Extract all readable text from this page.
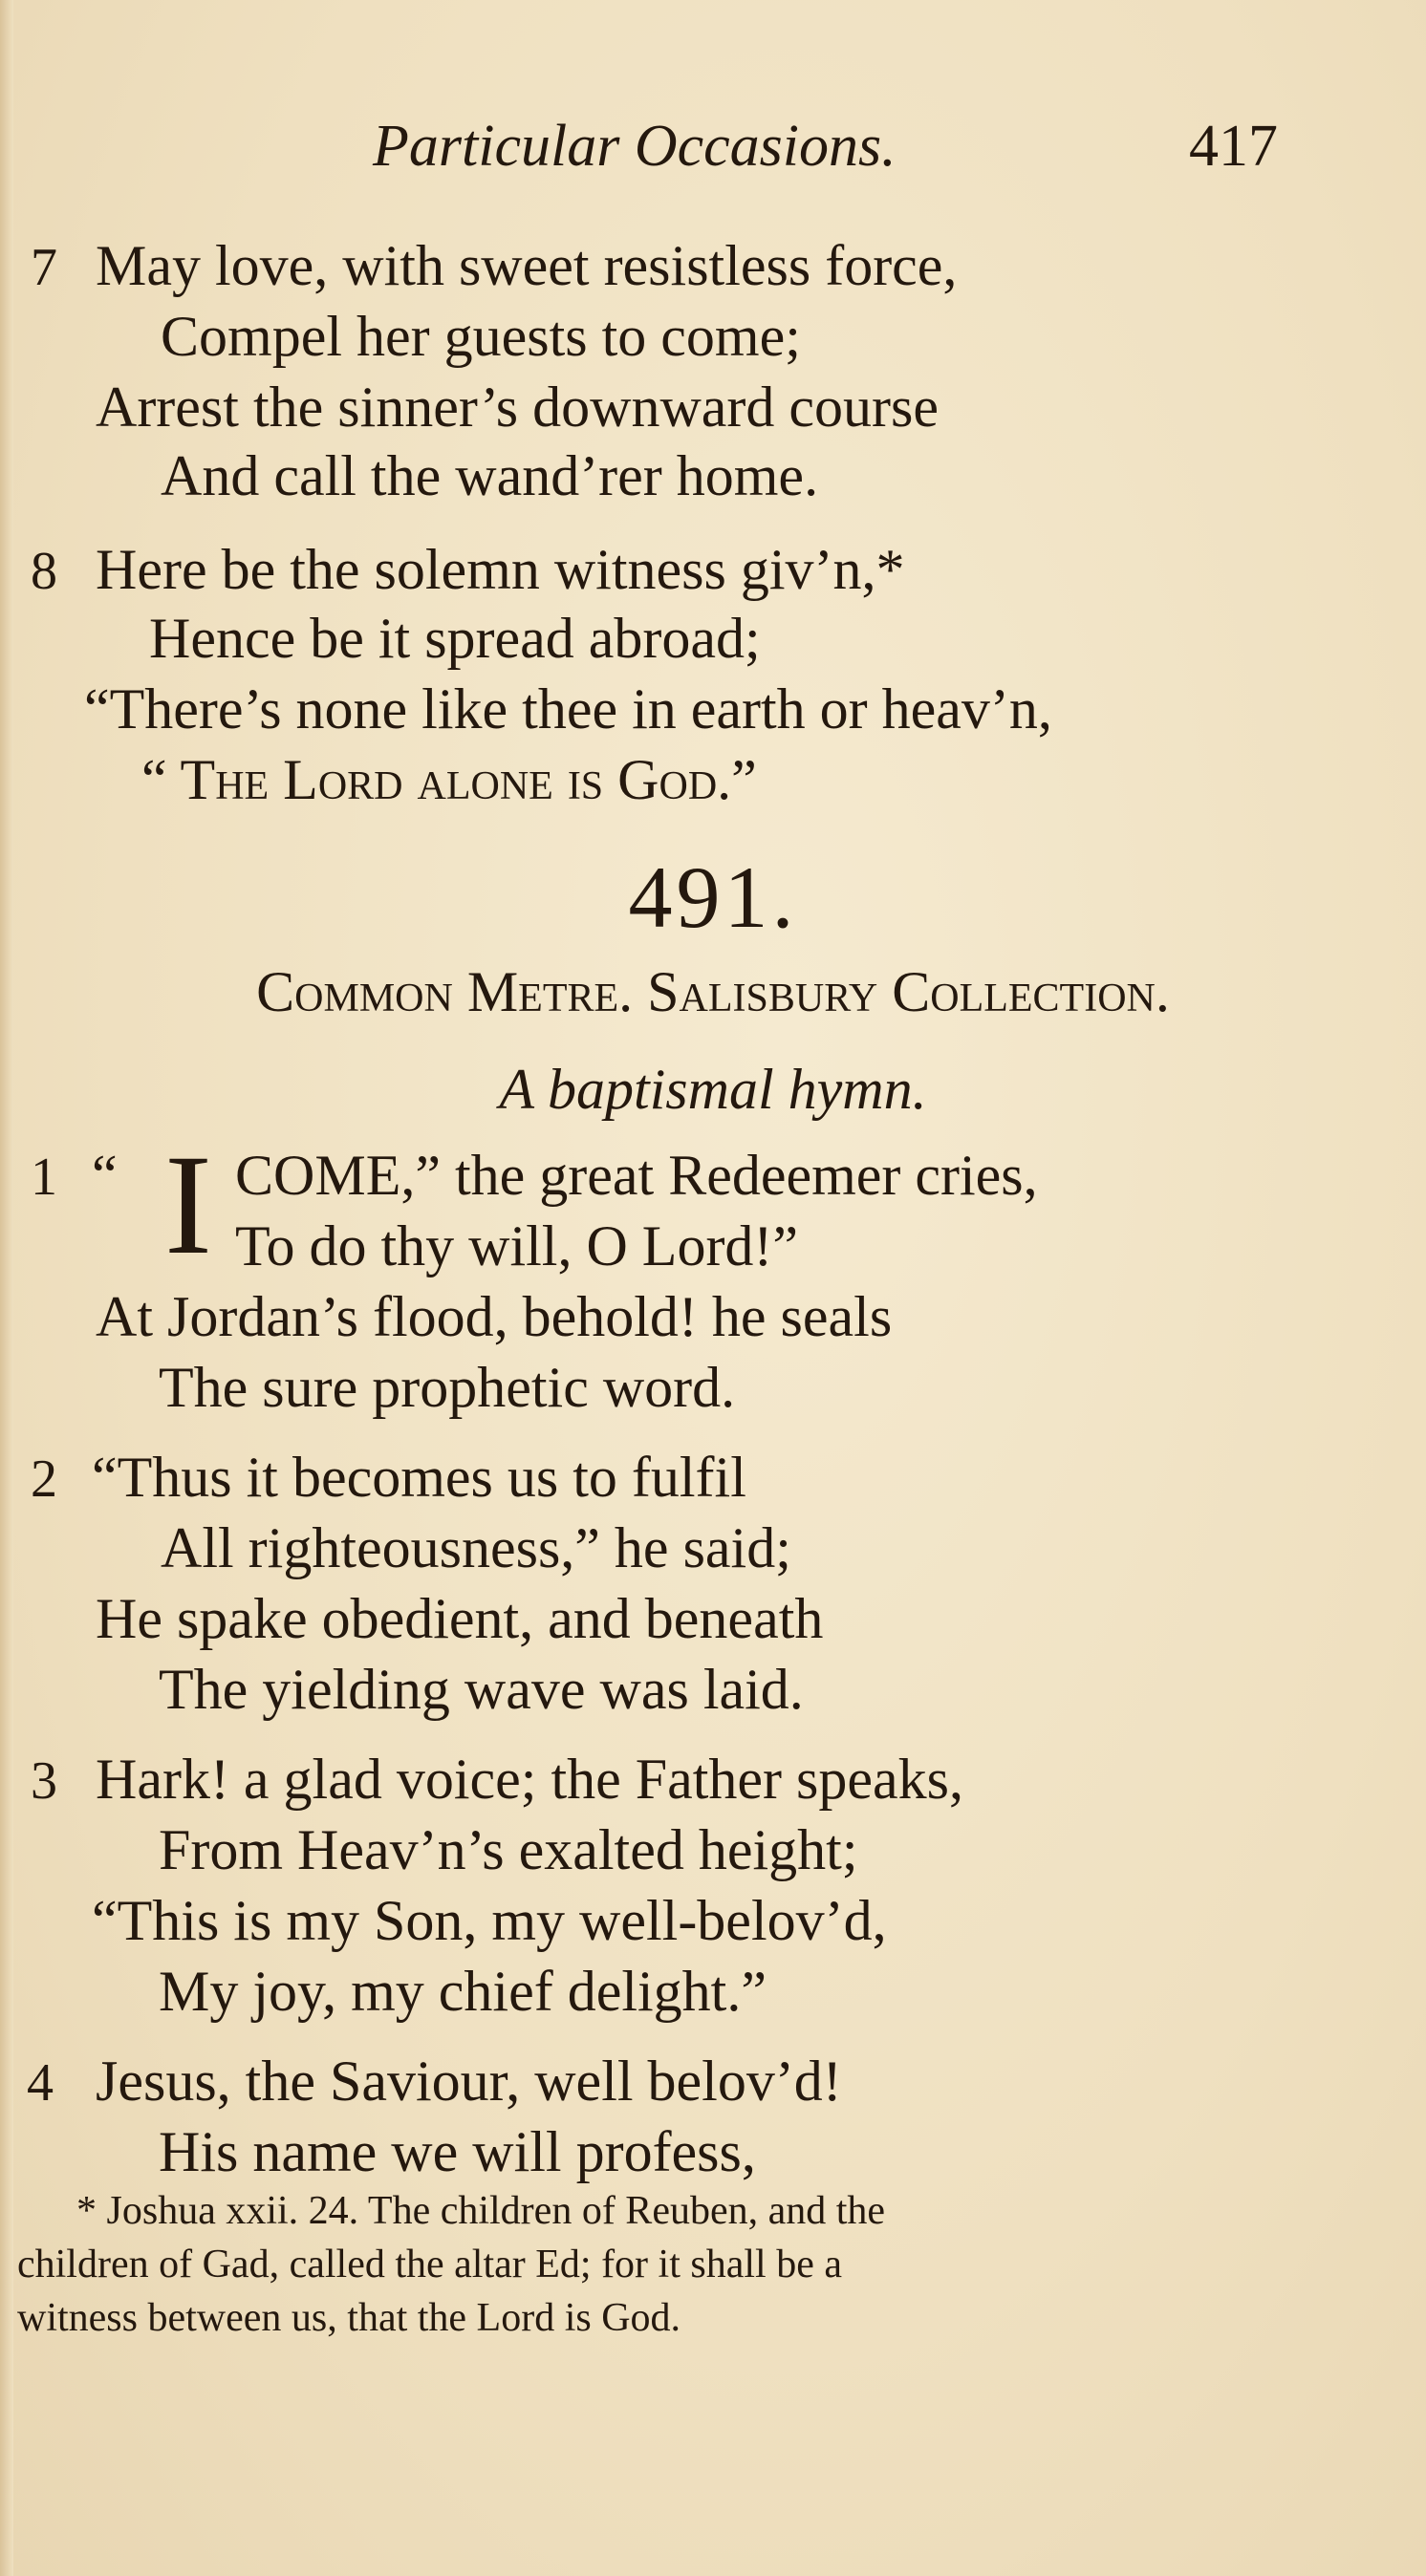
Particular Occasions.	417
7 May love, with sweet resistless force,
Compel her guests to come;
Arrest the sinner’s downward course
And call the wand’rer home.
8 Here be the solemn witness giv’n,*
Hence be it spread abroad;
“There’s none like thee in earth or heav’n,
“ The Lord alone is God.”
491.
Common Metre. Salisbury Collection.
A baptismal hymn.
1 “ I COME,” the great Redeemer cries,
To do thy will, O Lord!”
At Jordan’s flood, behold! he seals
The sure prophetic word.
2 “Thus it becomes us to fulfil
All righteousness,” he said;
He spake obedient, and beneath
The yielding wave was laid.
3 Hark! a glad voice; the Father speaks,
From Heav’n’s exalted height;
“This is my Son, my well-belov’d,
My joy, my chief delight.”
4 Jesus, the Saviour, well belov’d!
His name we will profess,
* Joshua xxii. 24. The children of Reuben, and the
children of Gad, called the altar Ed; for it shall be a
witness between us, that the Lord is God.
